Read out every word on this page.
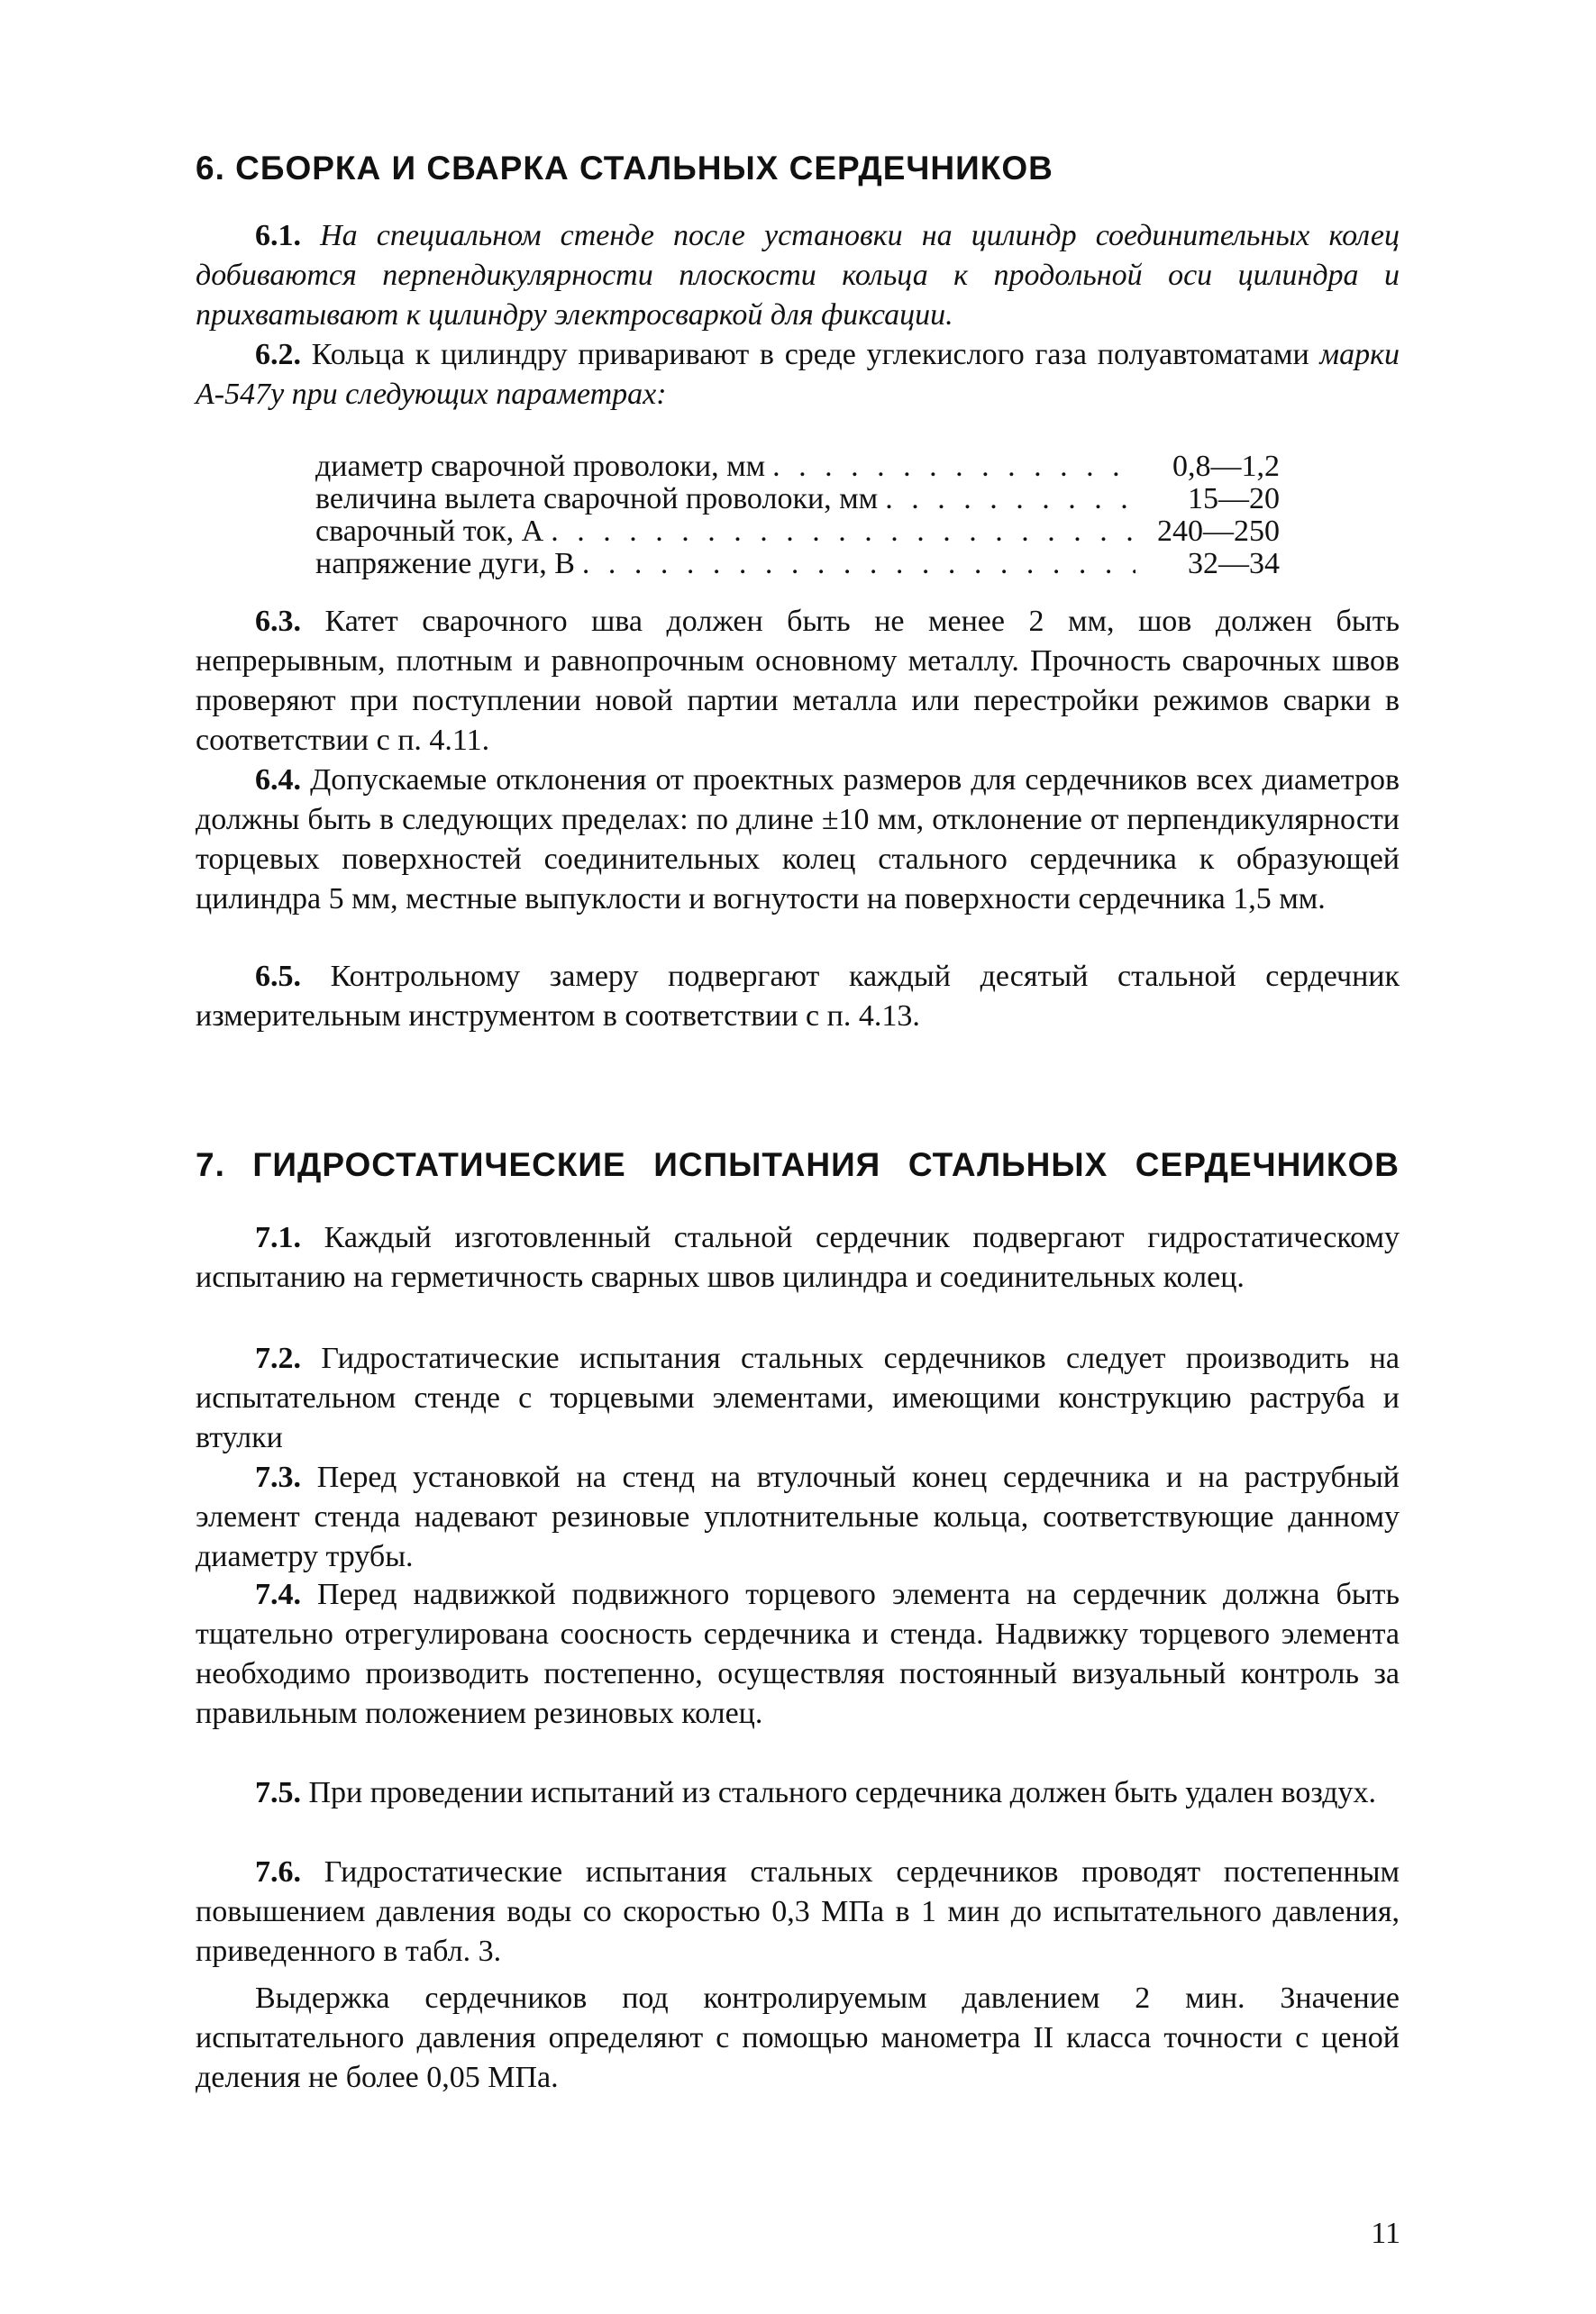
6. СБОРКА И СВАРКА СТАЛЬНЫХ СЕРДЕЧНИКОВ

6.1. На специальном стенде после установки на цилиндр соединительных колец добиваются перпендикулярности плоскости кольца к продольной оси цилиндра и прихватывают к цилиндру электросваркой для фиксации.

6.2. Кольца к цилиндру приваривают в среде углекислого газа полуавтоматами марки А-547у при следующих параметрах:

диаметр сварочной проволоки, мм . . .	0,8—1,2
величина вылета сварочной проволоки, мм . . .	15—20
сварочный ток, А . . .	240—250
напряжение дуги, В . . .	32—34

6.3. Катет сварочного шва должен быть не менее 2 мм, шов должен быть непрерывным, плотным и равнопрочным основному металлу. Прочность сварочных швов проверяют при поступлении новой партии металла или перестройки режимов сварки в соответствии с п. 4.11.

6.4. Допускаемые отклонения от проектных размеров для сердечников всех диаметров должны быть в следующих пределах: по длине ±10 мм, отклонение от перпендикулярности торцевых поверхностей соединительных колец стального сердечника к образующей цилиндра 5 мм, местные выпуклости и вогнутости на поверхности сердечника 1,5 мм.

6.5. Контрольному замеру подвергают каждый десятый стальной сердечник измерительным инструментом в соответствии с п. 4.13.

7. ГИДРОСТАТИЧЕСКИЕ ИСПЫТАНИЯ СТАЛЬНЫХ СЕРДЕЧНИКОВ

7.1. Каждый изготовленный стальной сердечник подвергают гидростатическому испытанию на герметичность сварных швов цилиндра и соединительных колец.

7.2. Гидростатические испытания стальных сердечников следует производить на испытательном стенде с торцевыми элементами, имеющими конструкцию раструба и втулки

7.3. Перед установкой на стенд на втулочный конец сердечника и на раструбный элемент стенда надевают резиновые уплотнительные кольца, соответствующие данному диаметру трубы.

7.4. Перед надвижкой подвижного торцевого элемента на сердечник должна быть тщательно отрегулирована соосность сердечника и стенда. Надвижку торцевого элемента необходимо производить постепенно, осуществляя постоянный визуальный контроль за правильным положением резиновых колец.

7.5. При проведении испытаний из стального сердечника должен быть удален воздух.

7.6. Гидростатические испытания стальных сердечников проводят постепенным повышением давления воды со скоростью 0,3 МПа в 1 мин до испытательного давления, приведенного в табл. 3.

Выдержка сердечников под контролируемым давлением 2 мин. Значение испытательного давления определяют с помощью манометра II класса точности с ценой деления не более 0,05 МПа.

11
